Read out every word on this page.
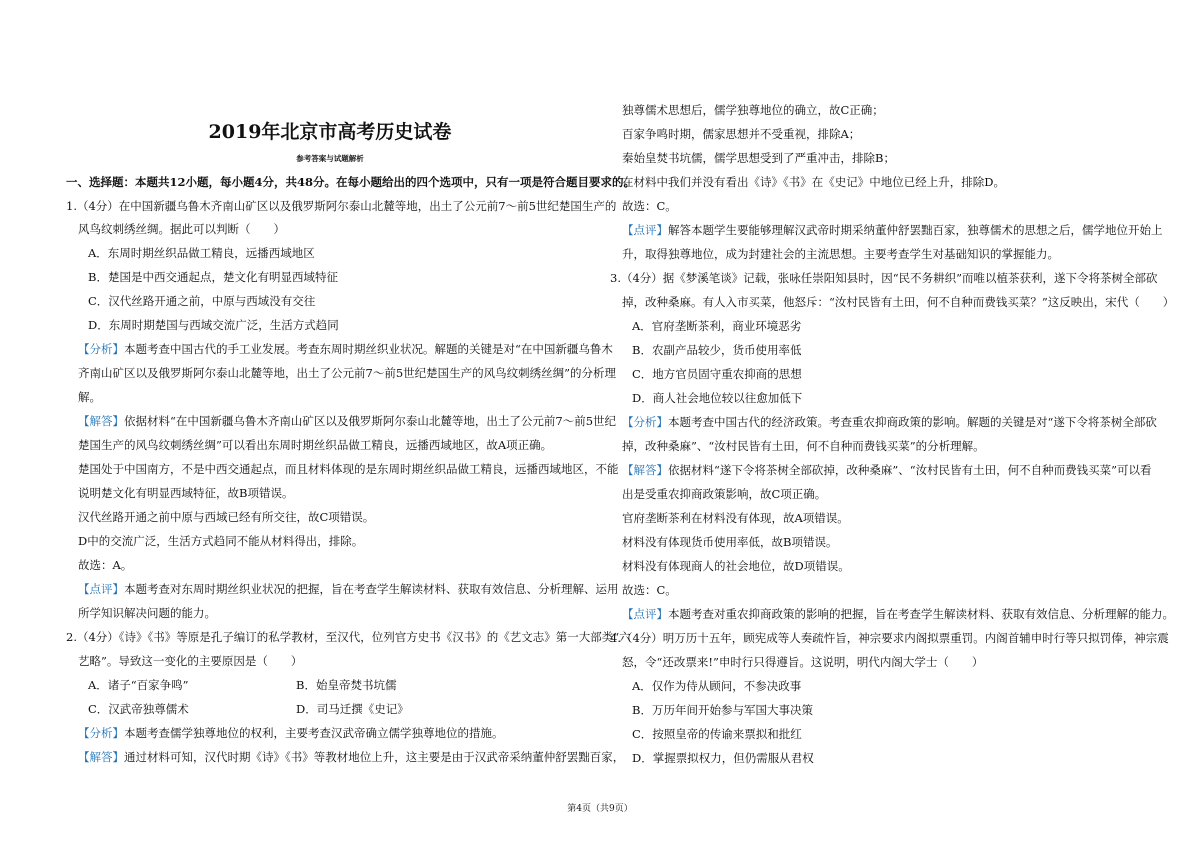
2019年北京市高考历史试卷
参考答案与试题解析
一、选择题：本题共12小题，每小题4分，共48分。在每小题给出的四个选项中，只有一项是符合题目要求的。
1.（4分）在中国新疆乌鲁木齐南山矿区以及俄罗斯阿尔泰山北麓等地，出土了公元前7～前5世纪楚国生产的
风鸟纹刺绣丝绸。据此可以判断（　　）
A．东周时期丝织品做工精良，远播西域地区
B．楚国是中西交通起点，楚文化有明显西域特征
C．汉代丝路开通之前，中原与西域没有交往
D．东周时期楚国与西域交流广泛，生活方式趋同
【分析】本题考查中国古代的手工业发展。考查东周时期丝织业状况。解题的关键是对“在中国新疆乌鲁木
齐南山矿区以及俄罗斯阿尔泰山北麓等地，出土了公元前7～前5世纪楚国生产的风鸟纹刺绣丝绸”的分析理
解。
【解答】依据材料“在中国新疆乌鲁木齐南山矿区以及俄罗斯阿尔泰山北麓等地，出土了公元前7～前5世纪
楚国生产的风鸟纹刺绣丝绸”可以看出东周时期丝织品做工精良，远播西域地区，故A项正确。
楚国处于中国南方，不是中西交通起点，而且材料体现的是东周时期丝织品做工精良，远播西域地区，不能
说明楚文化有明显西域特征，故B项错误。
汉代丝路开通之前中原与西域已经有所交往，故C项错误。
D中的交流广泛，生活方式趋同不能从材料得出，排除。
故选：A。
【点评】本题考查对东周时期丝织业状况的把握，旨在考查学生解读材料、获取有效信息、分析理解、运用
所学知识解决问题的能力。
2.（4分）《诗》《书》等原是孔子编订的私学教材，至汉代，位列官方史书《汉书》的《艺文志》第一大部类“六
艺略”。导致这一变化的主要原因是（　　）
A．诸子“百家争鸣”	B．始皇帝焚书坑儒
C．汉武帝独尊儒术	D．司马迁撰《史记》
【分析】本题考查儒学独尊地位的权利，主要考查汉武帝确立儒学独尊地位的措施。
【解答】通过材料可知，汉代时期《诗》《书》等教材地位上升，这主要是由于汉武帝采纳董仲舒罢黜百家，
独尊儒术思想后，儒学独尊地位的确立，故C正确；
百家争鸣时期，儒家思想并不受重视，排除A；
秦始皇焚书坑儒，儒学思想受到了严重冲击，排除B；
在材料中我们并没有看出《诗》《书》在《史记》中地位已经上升，排除D。
故选：C。
【点评】解答本题学生要能够理解汉武帝时期采纳董仲舒罢黜百家，独尊儒术的思想之后，儒学地位开始上
升，取得独尊地位，成为封建社会的主流思想。主要考查学生对基础知识的掌握能力。
3.（4分）据《梦溪笔谈》记载，张咏任崇阳知县时，因“民不务耕织”而唯以植茶获利，遂下令将茶树全部砍
掉，改种桑麻。有人入市买菜，他怒斥：“汝村民皆有土田，何不自种而费钱买菜？”这反映出，宋代（　　）
A．官府垄断茶利，商业环境恶劣
B．农副产品较少，货币使用率低
C．地方官员固守重农抑商的思想
D．商人社会地位较以往愈加低下
【分析】本题考查中国古代的经济政策。考查重农抑商政策的影响。解题的关键是对“遂下令将茶树全部砍
掉，改种桑麻”、“汝村民皆有土田，何不自种而费钱买菜”的分析理解。
【解答】依据材料“遂下令将茶树全部砍掉，改种桑麻”、“汝村民皆有土田，何不自种而费钱买菜”可以看
出是受重农抑商政策影响，故C项正确。
官府垄断茶利在材料没有体现，故A项错误。
材料没有体现货币使用率低，故B项错误。
材料没有体现商人的社会地位，故D项错误。
故选：C。
【点评】本题考查对重农抑商政策的影响的把握，旨在考查学生解读材料、获取有效信息、分析理解的能力。
4.（4分）明万历十五年，顾宪成等人奏疏忤旨，神宗要求内阁拟票重罚。内阁首辅申时行等只拟罚俸，神宗震
怒，令“还改票来!”申时行只得遵旨。这说明，明代内阁大学士（　　）
A．仅作为侍从顾问，不参决政事
B．万历年间开始参与军国大事决策
C．按照皇帝的传谕来票拟和批红
D．掌握票拟权力，但仍需服从君权
第4页（共9页）
